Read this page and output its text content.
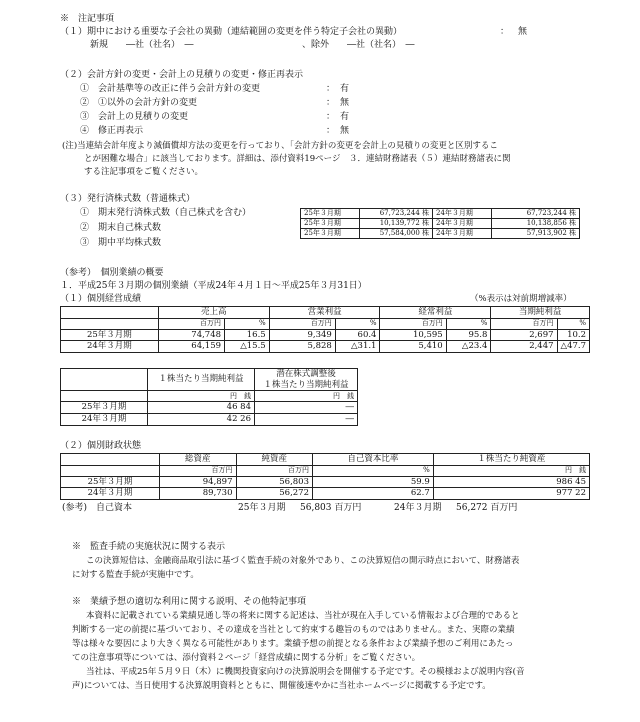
※　注記事項
（１）期中における重要な子会社の異動（連結範囲の変更を伴う特定子会社の異動）	： 無
新規　　―社（社名）　―	、除外　　―社（社名）　―
（２）会計方針の変更・会計上の見積りの変更・修正再表示
①　会計基準等の改正に伴う会計方針の変更	： 有
②　①以外の会計方針の変更	： 無
③　会計上の見積りの変更	： 有
④　修正再表示	： 無
(注)当連結会計年度より減価償却方法の変更を行っており、「会計方針の変更を会計上の見積りの変更と区別するこ
とが困難な場合」に該当しております。詳細は、添付資料19ページ　３．連結財務諸表（５）連結財務諸表に関
する注記事項をご覧ください。
（３）発行済株式数（普通株式）
①　期末発行済株式数（自己株式を含む）
②　期末自己株式数
③　期中平均株式数
25年３月期	67,723,244 株	24年３月期	67,723,244 株
25年３月期	10,139,772 株	24年３月期	10,138,856 株
25年３月期	57,584,000 株	24年３月期	57,913,902 株
（参考）　個別業績の概要
１．平成25年３月期の個別業績（平成24年４月１日～平成25年３月31日）
（１）個別経営成績	（%表示は対前期増減率）
	売上高		営業利益		経常利益		当期純利益	
	百万円	%	百万円	%	百万円	%	百万円	%
25年３月期	74,748	16.5	9,349	60.4	10,595	95.8	2,697	10.2
24年３月期	64,159	△15.5	5,828	△31.1	5,410	△23.4	2,447	△47.7
	１株当たり当期純利益	潜在株式調整後
		１株当たり当期純利益
	円　銭	円　銭
25年３月期	46 84	―
24年３月期	42 26	―
（２）個別財政状態
	総資産	純資産	自己資本比率	１株当たり純資産
	百万円	百万円	%	円　銭
25年３月期	94,897	56,803	59.9	986 45
24年３月期	89,730	56,272	62.7	977 22
(参考)　自己資本	25年３月期 56,803 百万円	24年３月期 56,272 百万円
※　監査手続の実施状況に関する表示
この決算短信は、金融商品取引法に基づく監査手続の対象外であり、この決算短信の開示時点において、財務諸表
に対する監査手続が実施中です。
※　業績予想の適切な利用に関する説明、その他特記事項
本資料に記載されている業績見通し等の将来に関する記述は、当社が現在入手している情報および合理的であると
判断する一定の前提に基づいており、その達成を当社として約束する趣旨のものではありません。また、実際の業績
等は様々な要因により大きく異なる可能性があります。業績予想の前提となる条件および業績予想のご利用にあたっ
ての注意事項等については、添付資料２ページ「経営成績に関する分析」をご覧ください。
当社は、平成25年５月９日（木）に機関投資家向けの決算説明会を開催する予定です。その模様および説明内容(音
声)については、当日使用する決算説明資料とともに、開催後速やかに当社ホームページに掲載する予定です。
